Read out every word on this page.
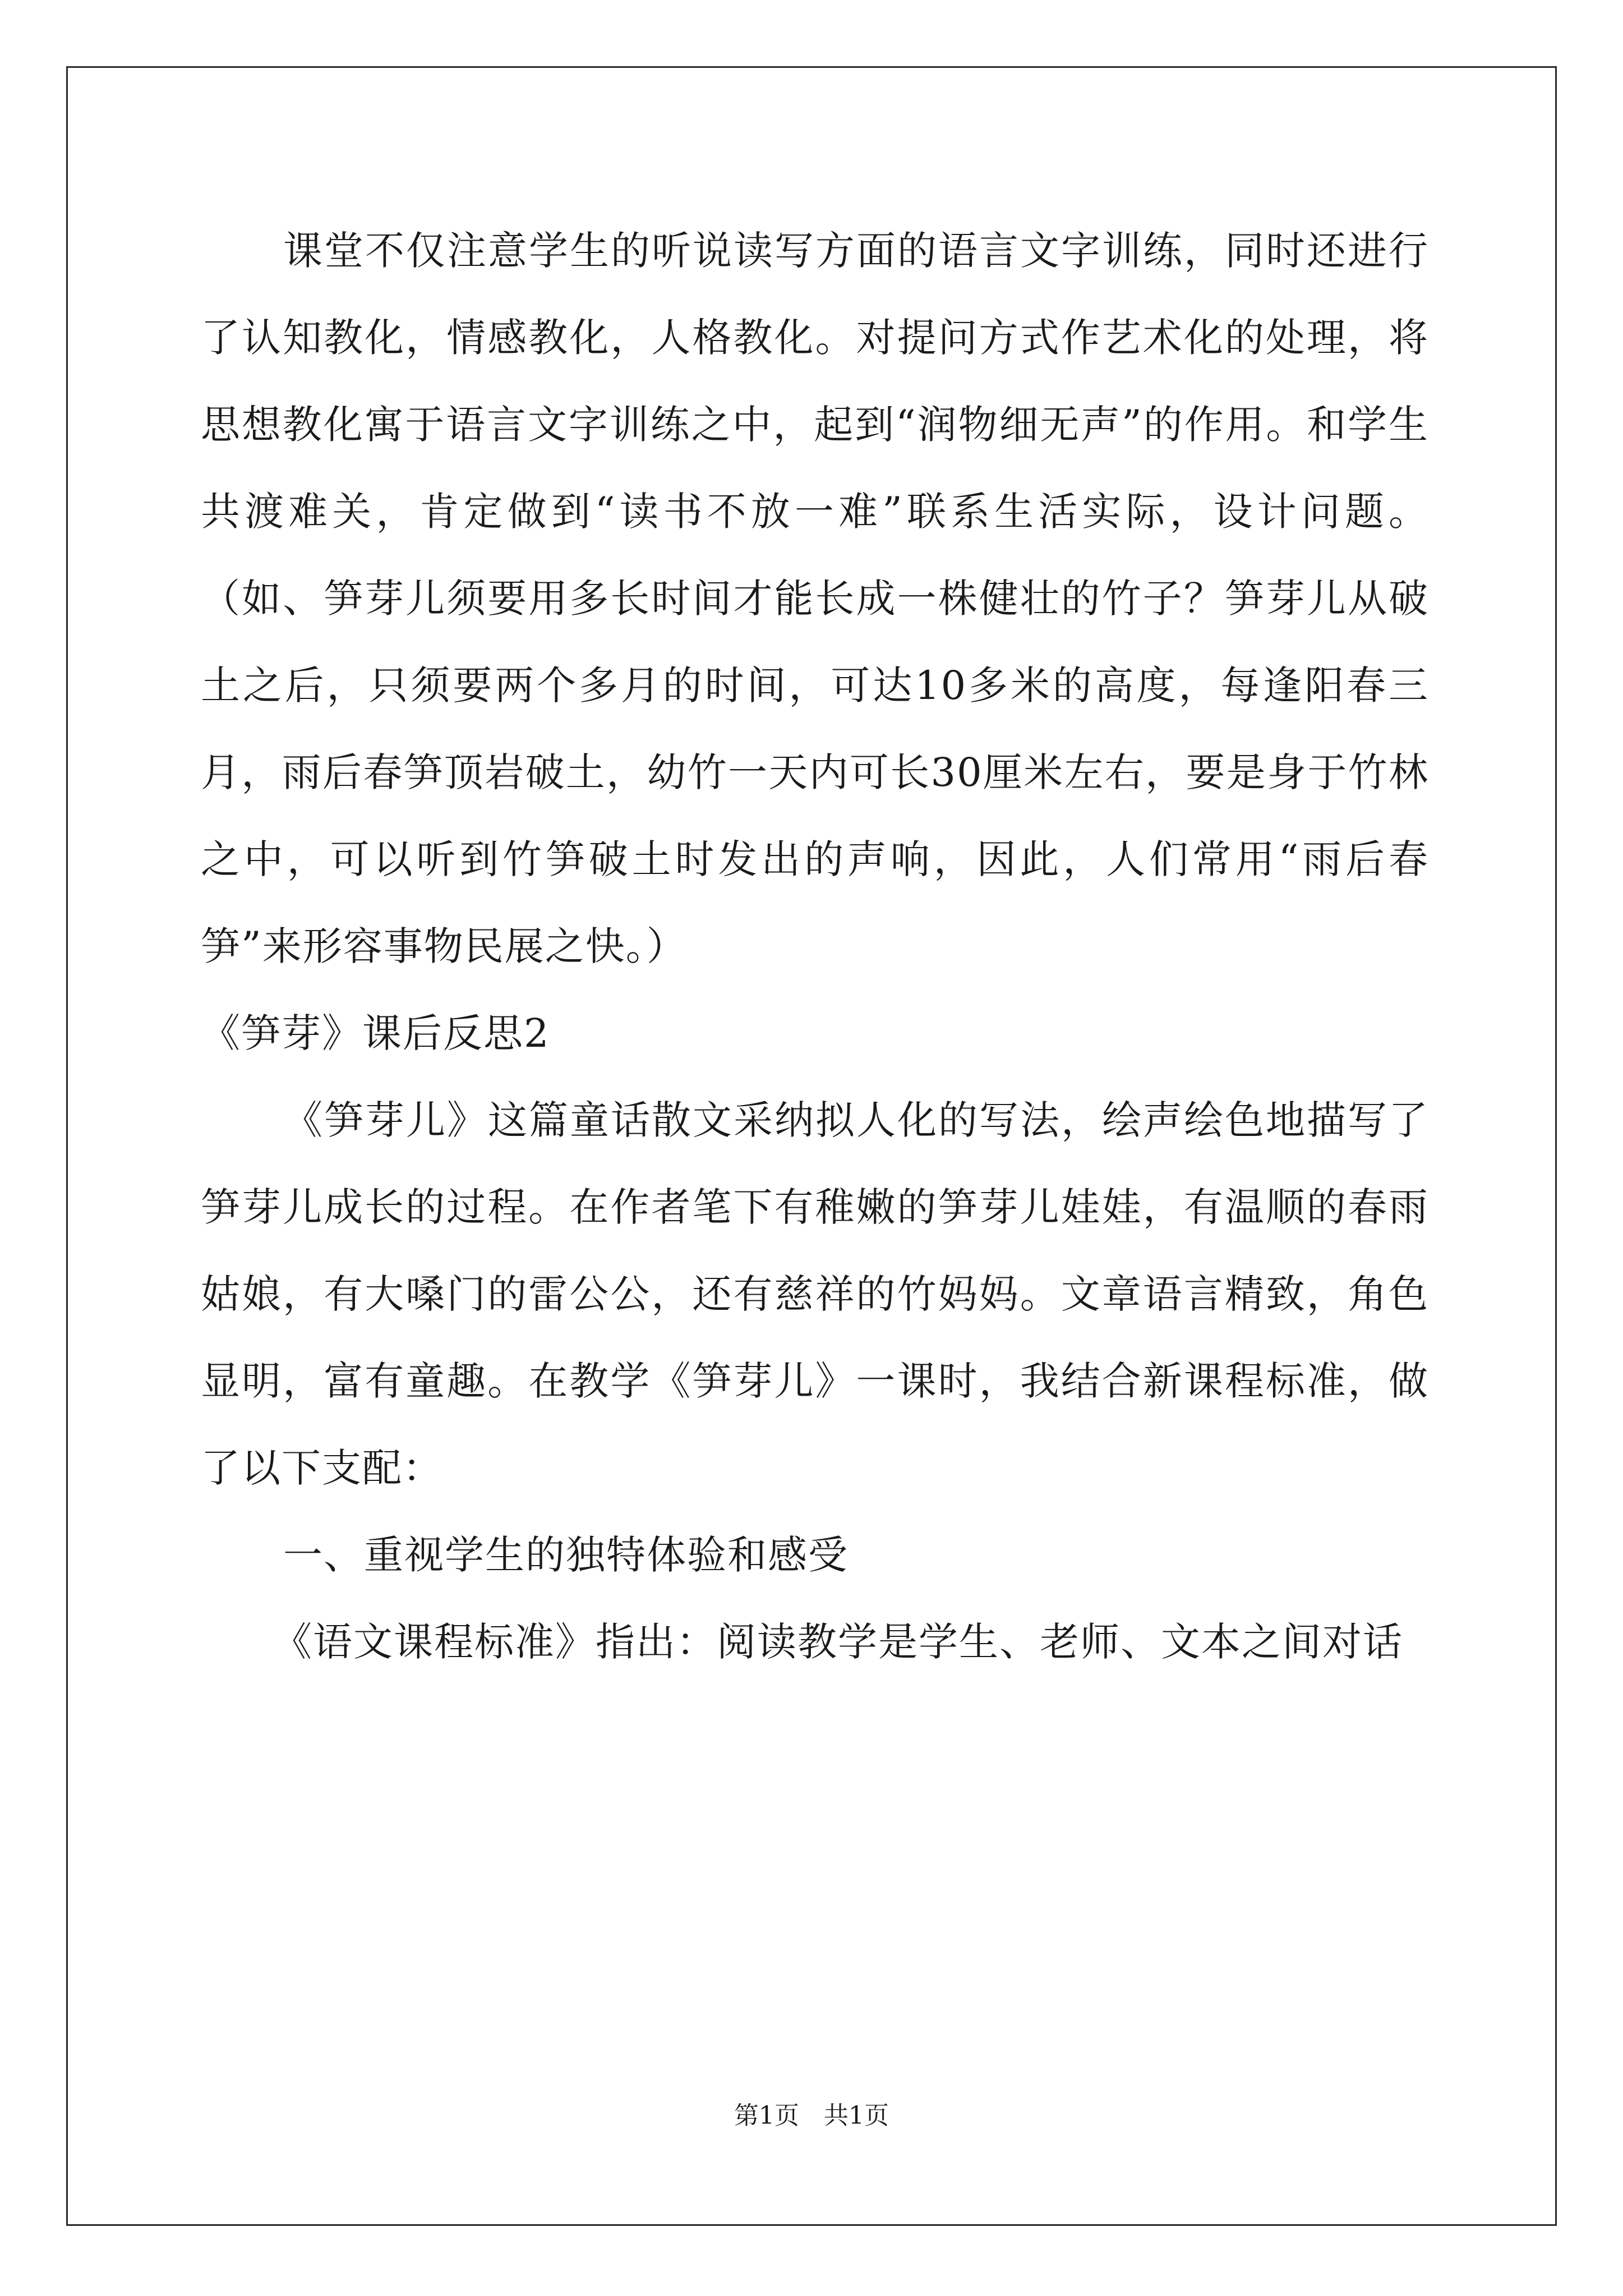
课堂不仅注意学生的听说读写方面的语言文字训练，同时还进行了认知教化，情感教化，人格教化。对提问方式作艺术化的处理，将思想教化寓于语言文字训练之中，起到“润物细无声”的作用。和学生共渡难关，肯定做到“读书不放一难”联系生活实际，设计问题。（如、笋芽儿须要用多长时间才能长成一株健壮的竹子？笋芽儿从破土之后，只须要两个多月的时间，可达10多米的高度，每逢阳春三月，雨后春笋顶岩破土，幼竹一天内可长30厘米左右，要是身于竹林之中，可以听到竹笋破土时发出的声响，因此，人们常用“雨后春笋”来形容事物民展之快。）

《笋芽》课后反思2

《笋芽儿》这篇童话散文采纳拟人化的写法，绘声绘色地描写了笋芽儿成长的过程。在作者笔下有稚嫩的笋芽儿娃娃，有温顺的春雨姑娘，有大嗓门的雷公公，还有慈祥的竹妈妈。文章语言精致，角色显明，富有童趣。在教学《笋芽儿》一课时，我结合新课程标准，做了以下支配：

一、重视学生的独特体验和感受

《语文课程标准》指出：阅读教学是学生、老师、文本之间对话

第1页　共1页
